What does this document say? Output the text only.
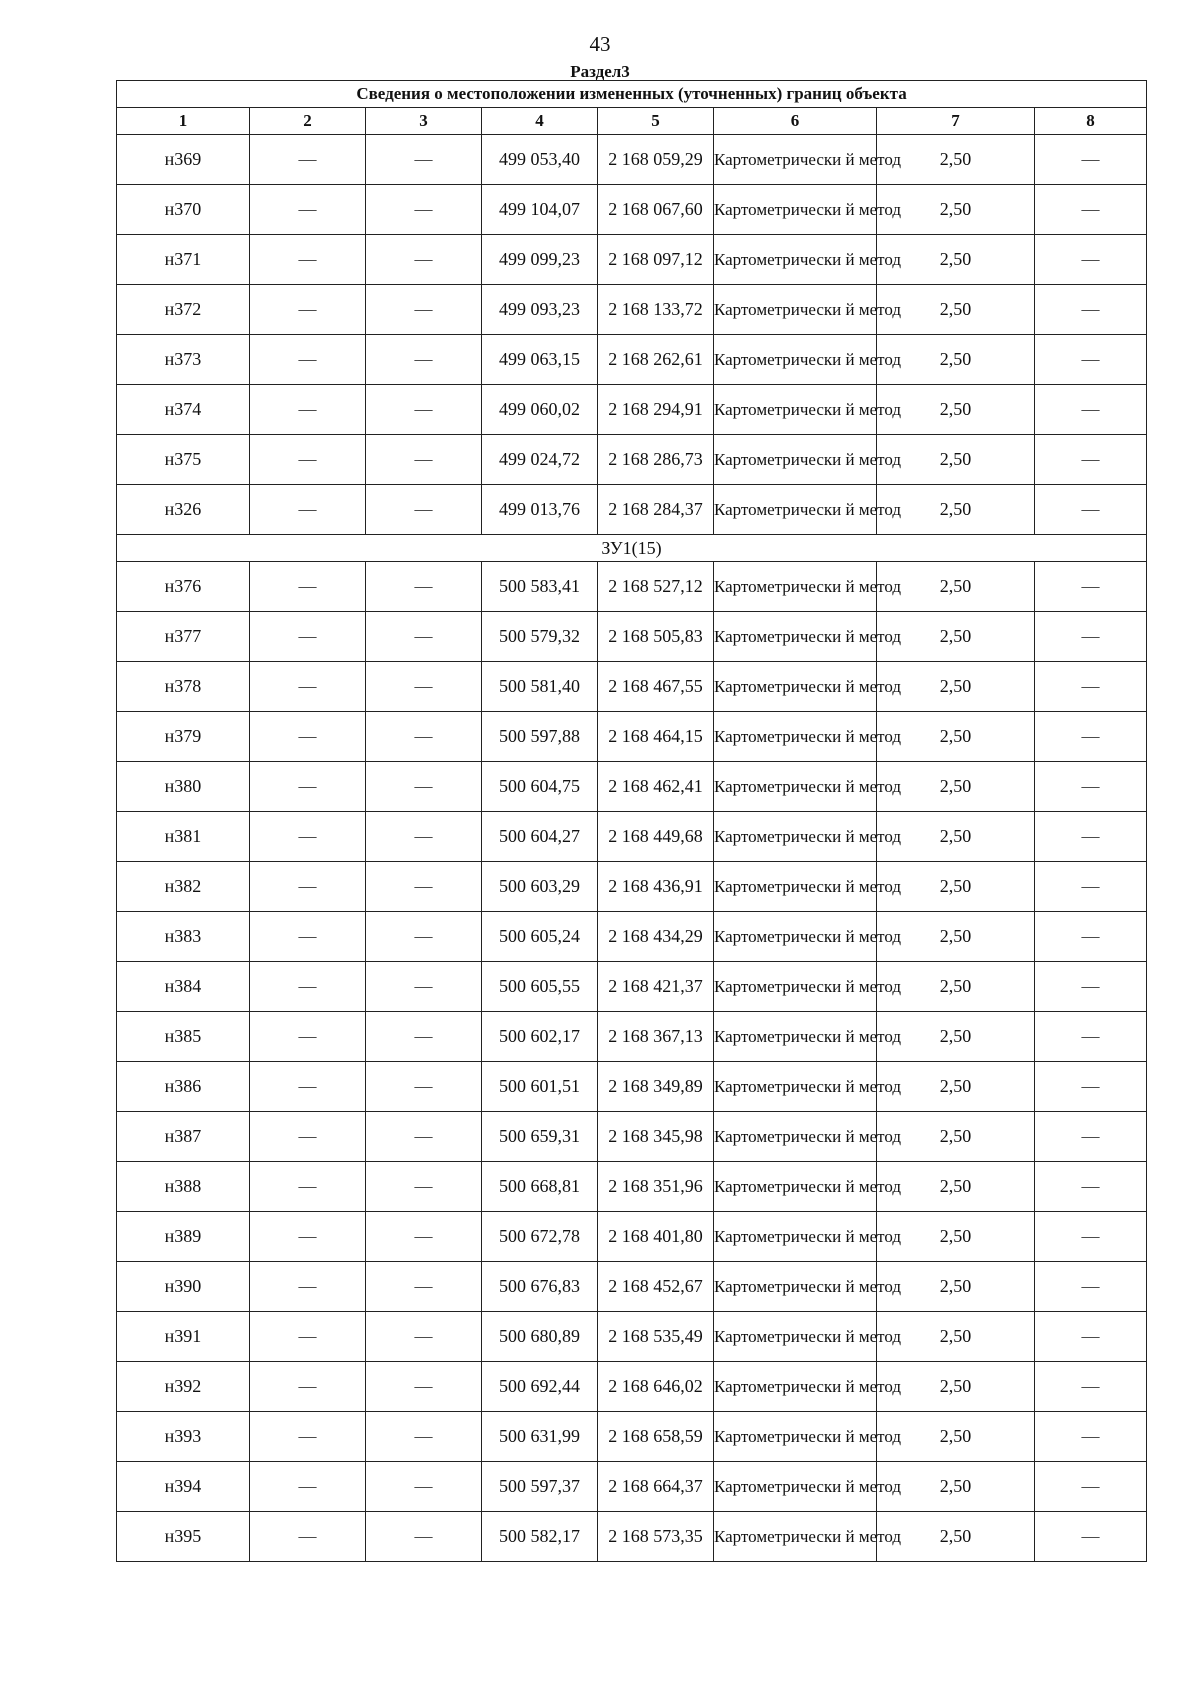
43
Раздел3
Сведения о местоположении измененных (уточненных) границ объекта							
1	2	3	4	5	6	7	8
н369	—	—	499 053,40	2 168 059,29	Картометрически й метод	2,50	—
н370	—	—	499 104,07	2 168 067,60	Картометрически й метод	2,50	—
н371	—	—	499 099,23	2 168 097,12	Картометрически й метод	2,50	—
н372	—	—	499 093,23	2 168 133,72	Картометрически й метод	2,50	—
н373	—	—	499 063,15	2 168 262,61	Картометрически й метод	2,50	—
н374	—	—	499 060,02	2 168 294,91	Картометрически й метод	2,50	—
н375	—	—	499 024,72	2 168 286,73	Картометрически й метод	2,50	—
н326	—	—	499 013,76	2 168 284,37	Картометрически й метод	2,50	—
ЗУ1(15)							
н376	—	—	500 583,41	2 168 527,12	Картометрически й метод	2,50	—
н377	—	—	500 579,32	2 168 505,83	Картометрически й метод	2,50	—
н378	—	—	500 581,40	2 168 467,55	Картометрически й метод	2,50	—
н379	—	—	500 597,88	2 168 464,15	Картометрически й метод	2,50	—
н380	—	—	500 604,75	2 168 462,41	Картометрически й метод	2,50	—
н381	—	—	500 604,27	2 168 449,68	Картометрически й метод	2,50	—
н382	—	—	500 603,29	2 168 436,91	Картометрически й метод	2,50	—
н383	—	—	500 605,24	2 168 434,29	Картометрически й метод	2,50	—
н384	—	—	500 605,55	2 168 421,37	Картометрически й метод	2,50	—
н385	—	—	500 602,17	2 168 367,13	Картометрически й метод	2,50	—
н386	—	—	500 601,51	2 168 349,89	Картометрически й метод	2,50	—
н387	—	—	500 659,31	2 168 345,98	Картометрически й метод	2,50	—
н388	—	—	500 668,81	2 168 351,96	Картометрически й метод	2,50	—
н389	—	—	500 672,78	2 168 401,80	Картометрически й метод	2,50	—
н390	—	—	500 676,83	2 168 452,67	Картометрически й метод	2,50	—
н391	—	—	500 680,89	2 168 535,49	Картометрически й метод	2,50	—
н392	—	—	500 692,44	2 168 646,02	Картометрически й метод	2,50	—
н393	—	—	500 631,99	2 168 658,59	Картометрически й метод	2,50	—
н394	—	—	500 597,37	2 168 664,37	Картометрически й метод	2,50	—
н395	—	—	500 582,17	2 168 573,35	Картометрически й метод	2,50	—
